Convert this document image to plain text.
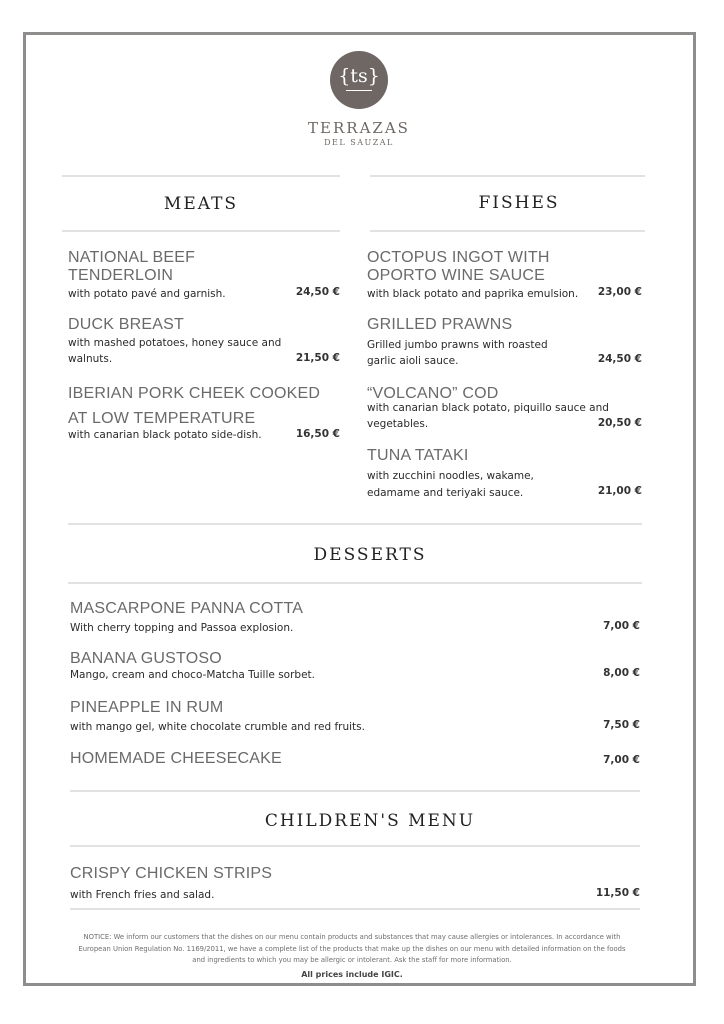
{ts}
TERRAZAS
DEL SAUZAL
MEATS	FISHES
NATIONAL BEEF
TENDERLOIN
with potato pavé and garnish.	24,50 €
DUCK BREAST
with mashed potatoes, honey sauce and
walnuts.	21,50 €
IBERIAN PORK CHEEK COOKED
AT LOW TEMPERATURE
with canarian black potato side-dish.	16,50 €
OCTOPUS INGOT WITH
OPORTO WINE SAUCE
with black potato and paprika emulsion.	23,00 €
GRILLED PRAWNS
Grilled jumbo prawns with roasted
garlic aioli sauce.	24,50 €
“VOLCANO” COD
with canarian black potato, piquillo sauce and
vegetables.	20,50 €
TUNA TATAKI
with zucchini noodles, wakame,
edamame and teriyaki sauce.	21,00 €
DESSERTS
MASCARPONE PANNA COTTA
With cherry topping and Passoa explosion.	7,00 €
BANANA GUSTOSO
Mango, cream and choco-Matcha Tuille sorbet.	8,00 €
PINEAPPLE IN RUM
with mango gel, white chocolate crumble and red fruits.	7,50 €
HOMEMADE CHEESECAKE	7,00 €
CHILDREN'S MENU
CRISPY CHICKEN STRIPS
with French fries and salad.	11,50 €
NOTICE: We inform our customers that the dishes on our menu contain products and substances that may cause allergies or intolerances. In accordance with
European Union Regulation No. 1169/2011, we have a complete list of the products that make up the dishes on our menu with detailed information on the foods
and ingredients to which you may be allergic or intolerant. Ask the staff for more information.
All prices include IGIC.
